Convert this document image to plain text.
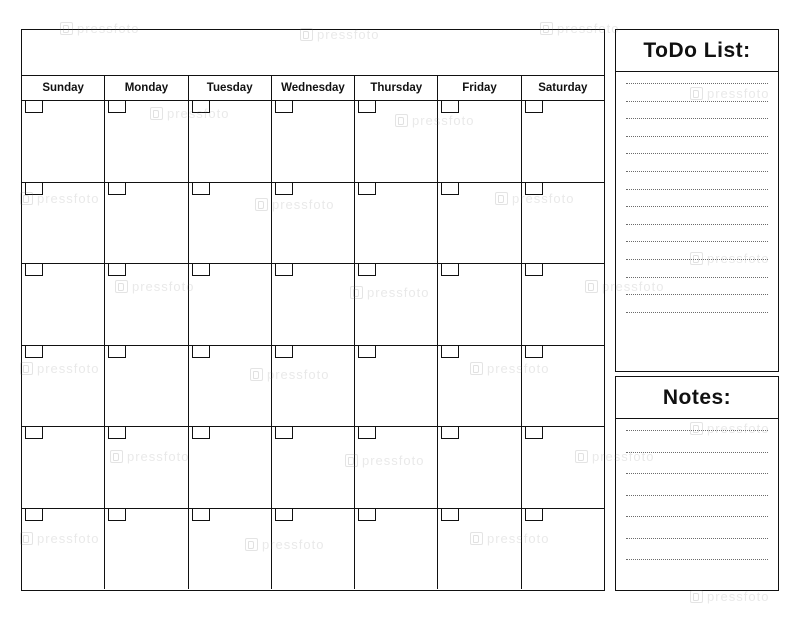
Sunday	Monday	Tuesday	Wednesday	Thursday	Friday	Saturday
ToDo List:
Notes:
pressfoto
